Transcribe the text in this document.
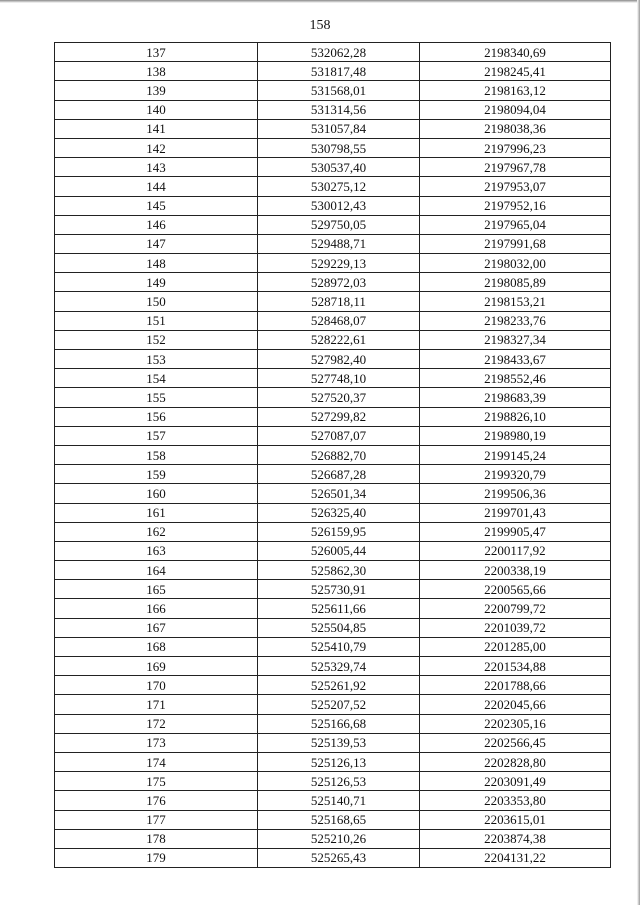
158
137	532062,28	2198340,69
138	531817,48	2198245,41
139	531568,01	2198163,12
140	531314,56	2198094,04
141	531057,84	2198038,36
142	530798,55	2197996,23
143	530537,40	2197967,78
144	530275,12	2197953,07
145	530012,43	2197952,16
146	529750,05	2197965,04
147	529488,71	2197991,68
148	529229,13	2198032,00
149	528972,03	2198085,89
150	528718,11	2198153,21
151	528468,07	2198233,76
152	528222,61	2198327,34
153	527982,40	2198433,67
154	527748,10	2198552,46
155	527520,37	2198683,39
156	527299,82	2198826,10
157	527087,07	2198980,19
158	526882,70	2199145,24
159	526687,28	2199320,79
160	526501,34	2199506,36
161	526325,40	2199701,43
162	526159,95	2199905,47
163	526005,44	2200117,92
164	525862,30	2200338,19
165	525730,91	2200565,66
166	525611,66	2200799,72
167	525504,85	2201039,72
168	525410,79	2201285,00
169	525329,74	2201534,88
170	525261,92	2201788,66
171	525207,52	2202045,66
172	525166,68	2202305,16
173	525139,53	2202566,45
174	525126,13	2202828,80
175	525126,53	2203091,49
176	525140,71	2203353,80
177	525168,65	2203615,01
178	525210,26	2203874,38
179	525265,43	2204131,22
